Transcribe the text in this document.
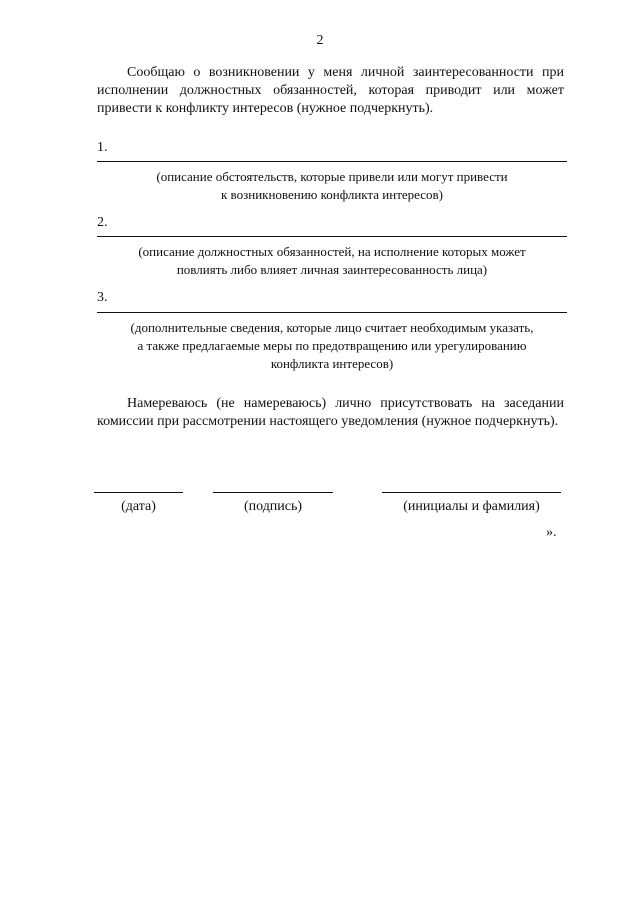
2

Сообщаю о возникновении у меня личной заинтересованности при исполнении должностных обязанностей, которая приводит или может привести к конфликту интересов (нужное подчеркнуть).

1.
(описание обстоятельств, которые привели или могут привести
к возникновению конфликта интересов)
2.
(описание должностных обязанностей, на исполнение которых может
повлиять либо влияет личная заинтересованность лица)
3.
(дополнительные сведения, которые лицо считает необходимым указать,
а также предлагаемые меры по предотвращению или урегулированию
конфликта интересов)

Намереваюсь (не намереваюсь) лично присутствовать на заседании комиссии при рассмотрении настоящего уведомления (нужное подчеркнуть).

(дата)	(подпись)	(инициалы и фамилия)
».
